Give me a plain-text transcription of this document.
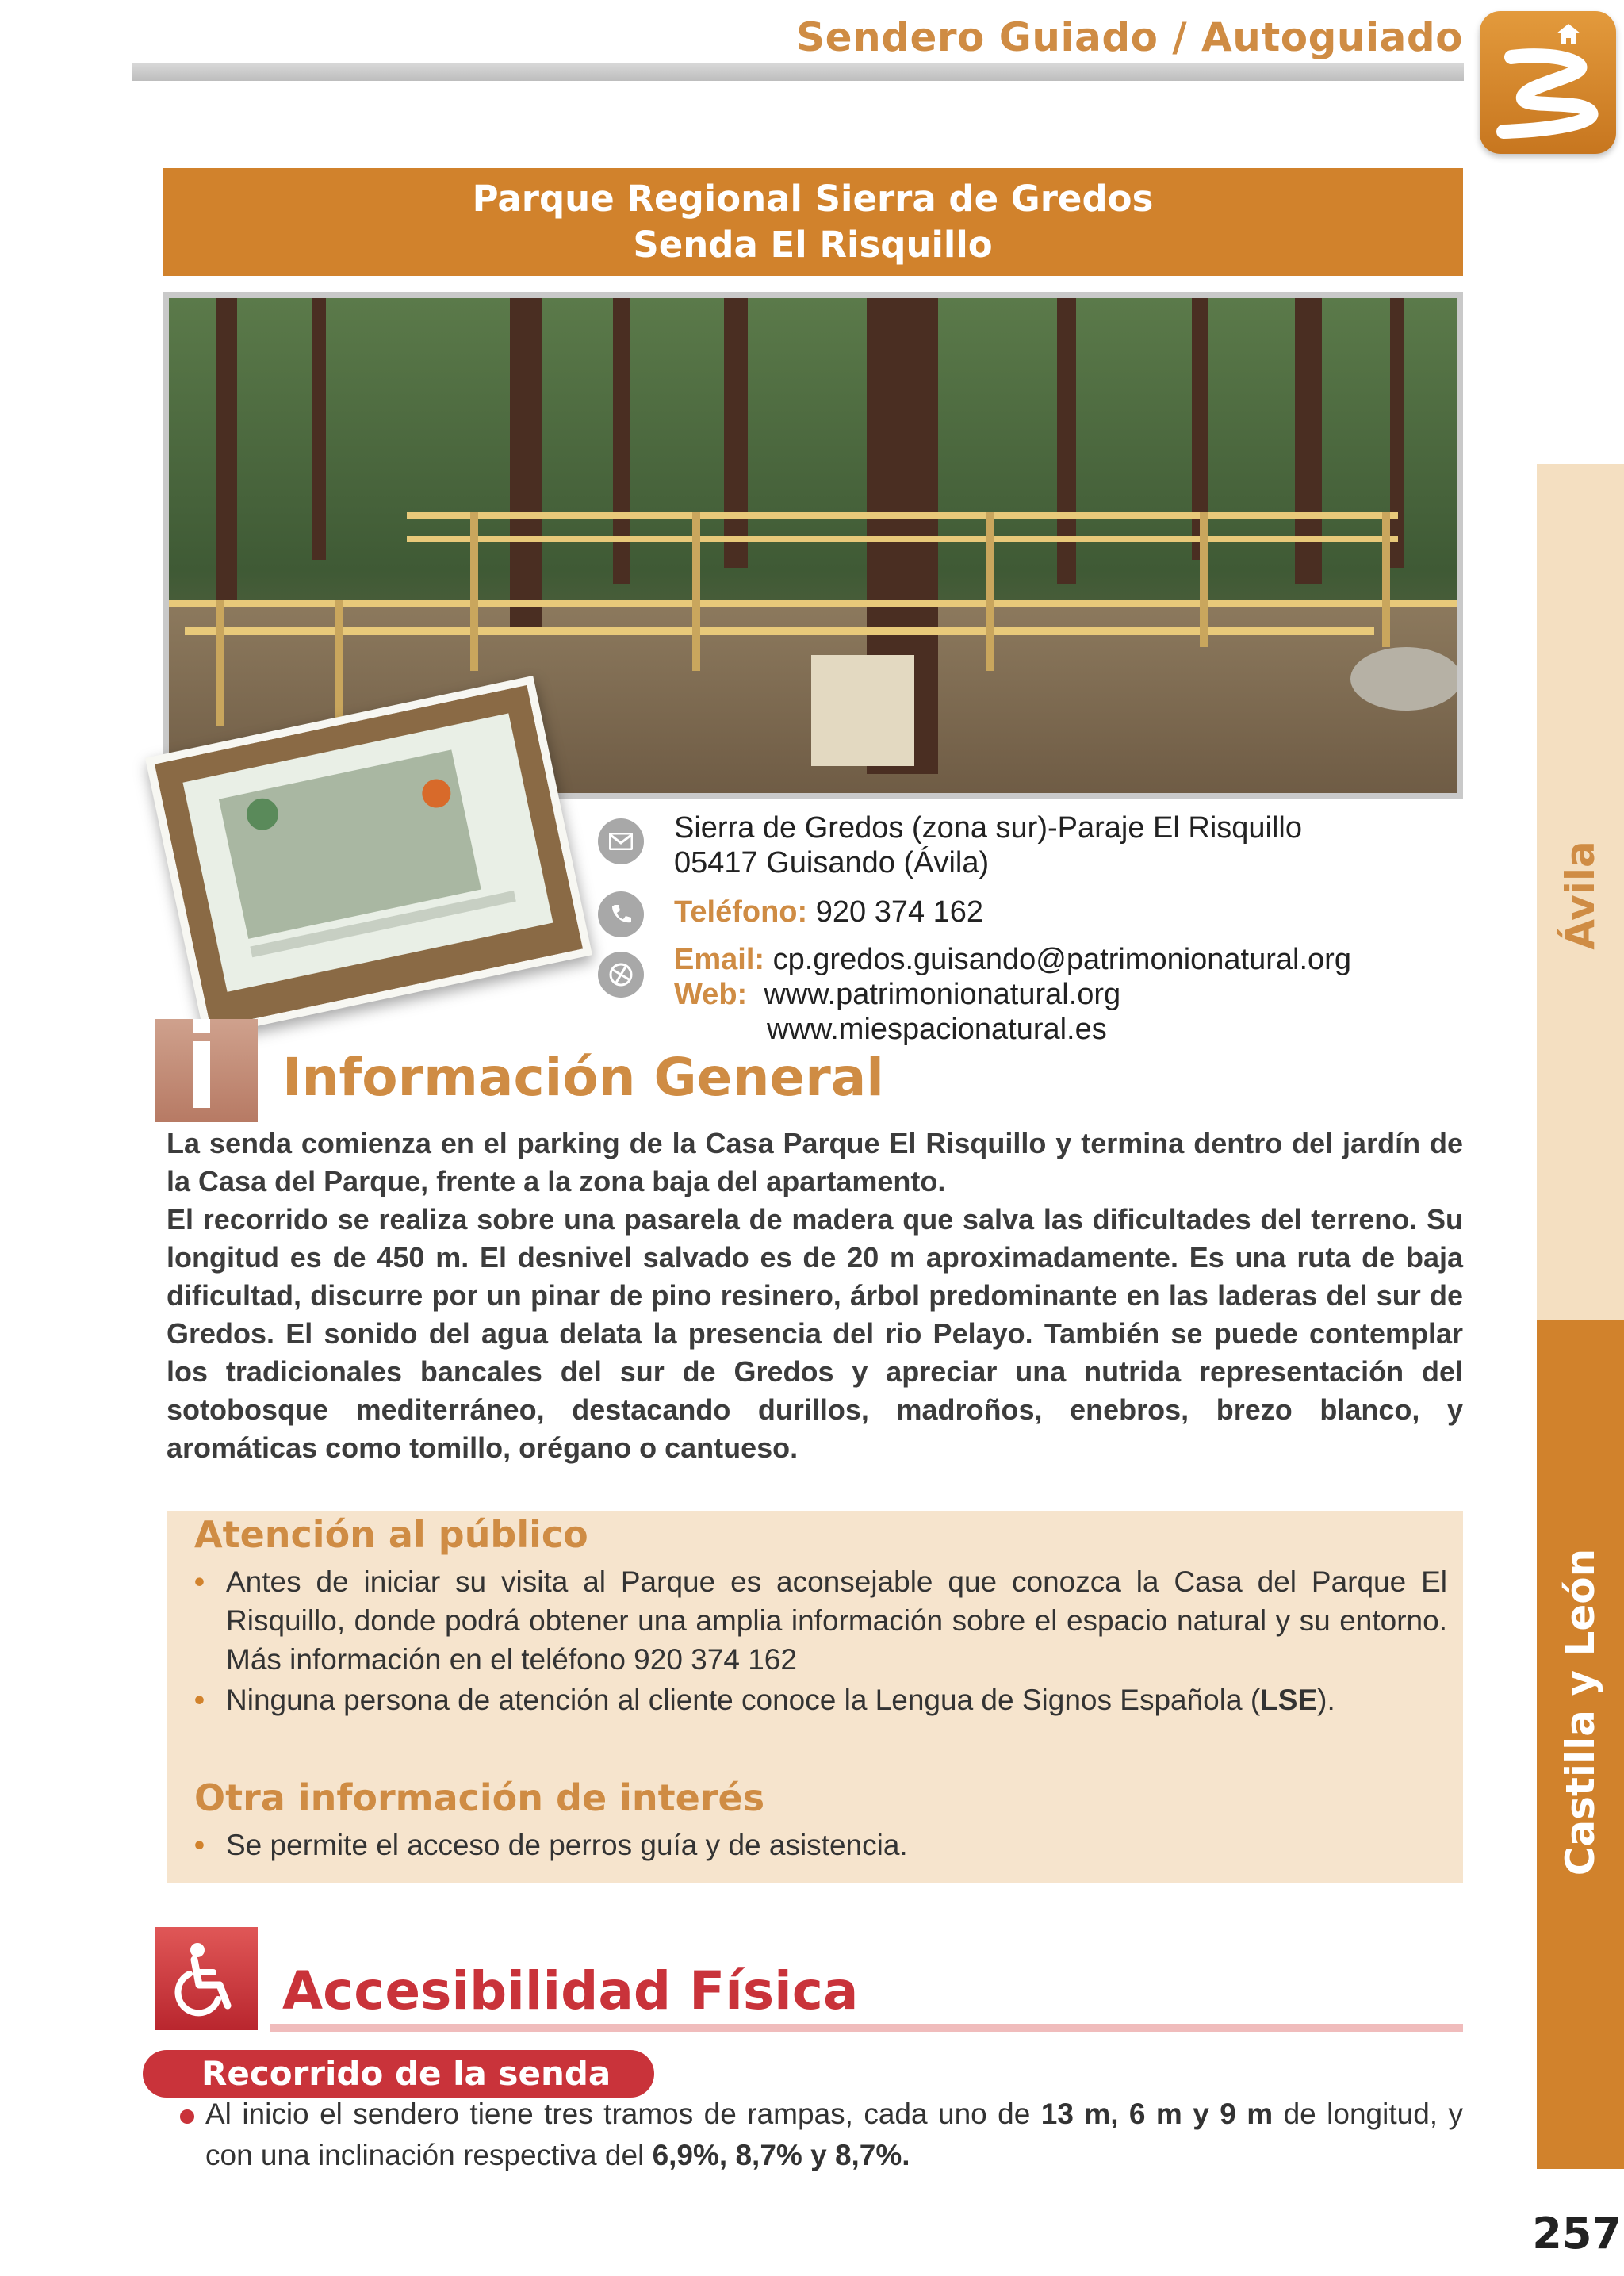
Sendero Guiado / Autoguiado
Ávila
Castilla y León
257
Parque Regional Sierra de Gredos
Senda El Risquillo
Sierra de Gredos (zona sur)-Paraje El Risquillo
05417 Guisando (Ávila)
Teléfono: 920 374 162
Email: cp.gredos.guisando@patrimonionatural.org
Web: www.patrimonionatural.org
www.miespacionatural.es
Información General

La senda comienza en el parking de la Casa Parque El Risquillo y termina dentro del jardín de la Casa del Parque, frente a la zona baja del apartamento.

El recorrido se realiza sobre una pasarela de madera que salva las dificultades del terreno. Su longitud es de 450 m. El desnivel salvado es de 20 m aproximadamente. Es una ruta de baja dificultad, discurre por un pinar de pino resinero, árbol predominante en las laderas del sur de Gredos. El sonido del agua delata la presencia del rio Pelayo. También se puede contemplar los tradicionales bancales del sur de Gredos y apreciar una nutrida representación del sotobosque mediterráneo, destacando durillos, madroños, enebros, brezo blanco, y aromáticas como tomillo, orégano o cantueso.

Atención al público
• Antes de iniciar su visita al Parque es aconsejable que conozca la Casa del Parque El Risquillo, donde podrá obtener una amplia información sobre el espacio natural y su entorno. Más información en el teléfono 920 374 162
• Ninguna persona de atención al cliente conoce la Lengua de Signos Española (LSE).
Otra información de interés
• Se permite el acceso de perros guía y de asistencia.
Accesibilidad Física
Recorrido de la senda
Al inicio el sendero tiene tres tramos de rampas, cada uno de 13 m, 6 m y 9 m de longitud, y con una inclinación respectiva del 6,9%, 8,7% y 8,7%.
